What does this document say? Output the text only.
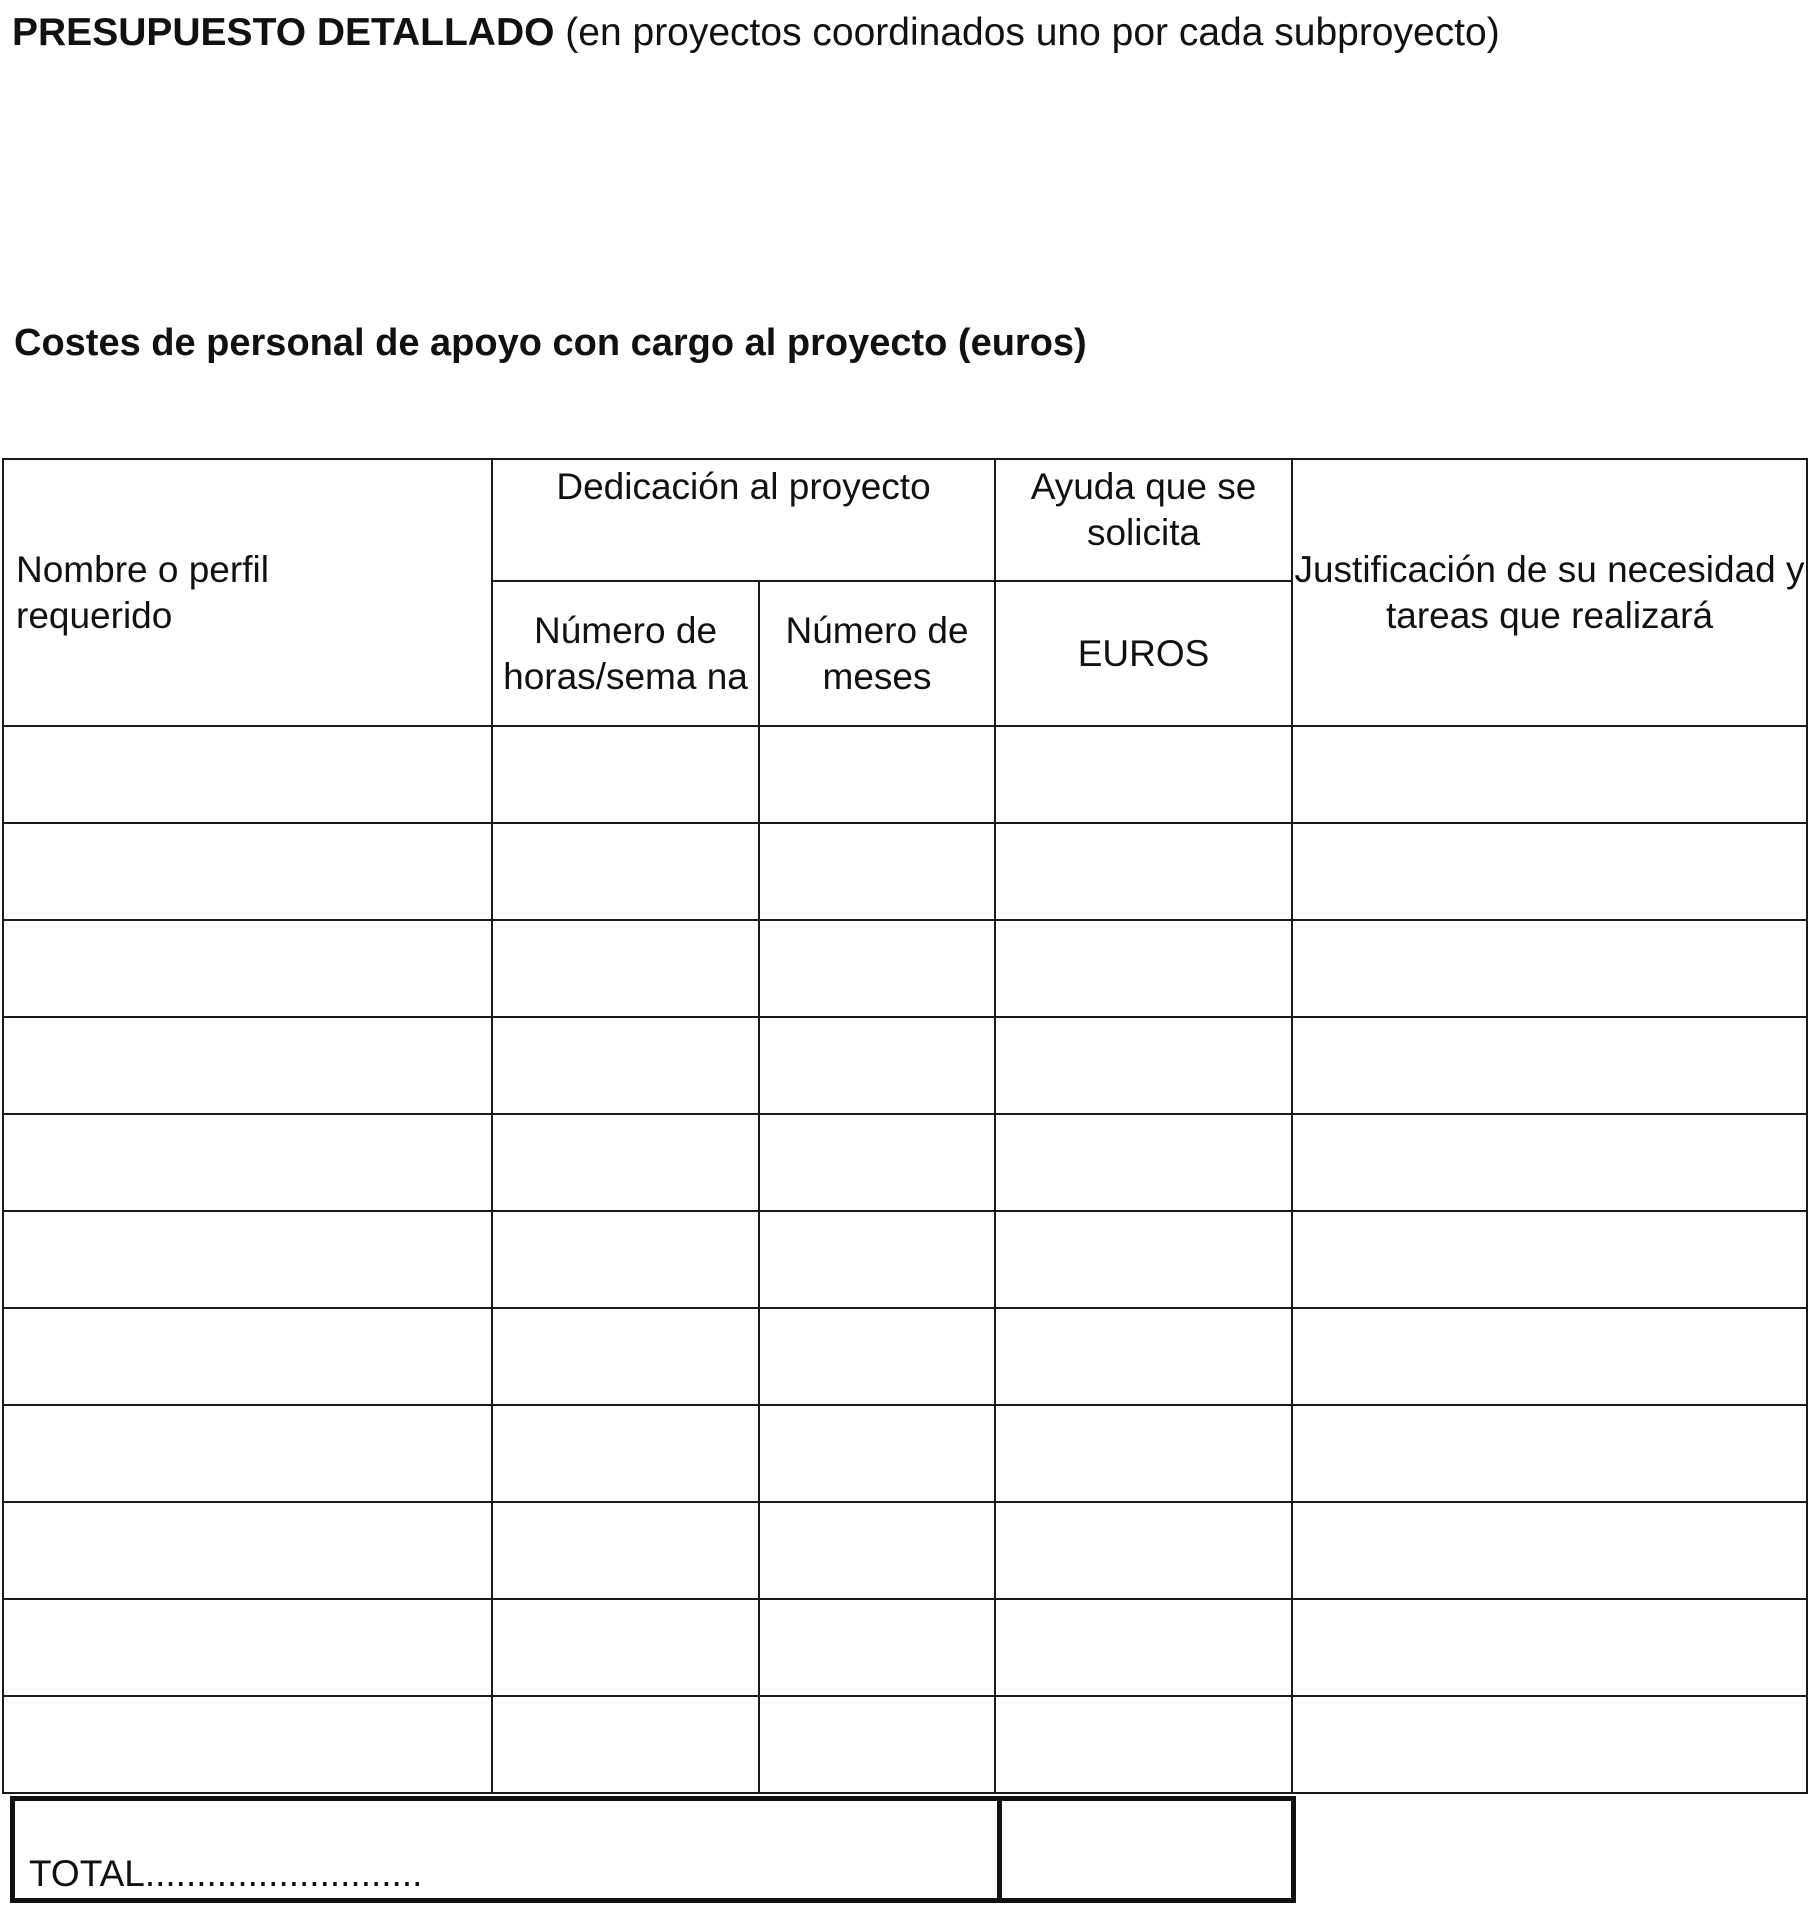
PRESUPUESTO DETALLADO (en proyectos coordinados uno por cada subproyecto)
Costes de personal de apoyo con cargo al proyecto (euros)
Nombre o perfil
requerido	Dedicación al proyecto		Ayuda que se solicita	Justificación de su necesidad y tareas que realizará
	Número de horas/sema na	Número de meses	EUROS	

TOTAL...........................
